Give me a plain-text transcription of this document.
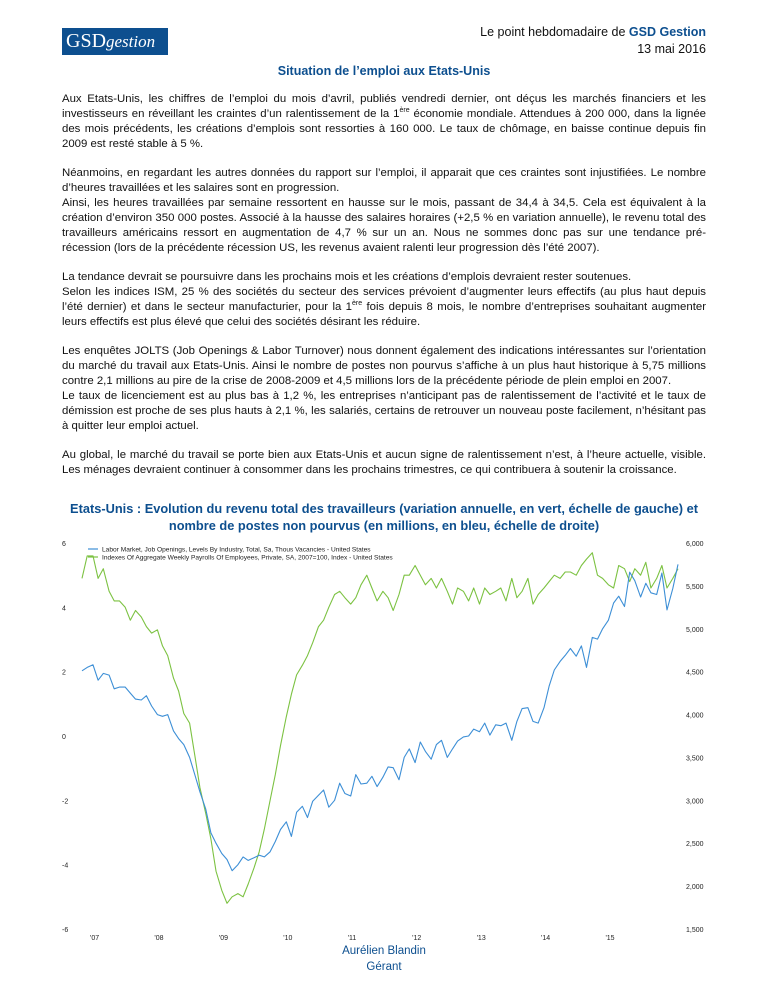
GSDgestion	Le point hebdomadaire de GSD Gestion
13 mai 2016
Situation de l’emploi aux Etats-Unis

Aux Etats-Unis, les chiffres de l’emploi du mois d’avril, publiés vendredi dernier, ont déçus les marchés financiers et les investisseurs en réveillant les craintes d’un ralentissement de la 1ère économie mondiale. Attendues à 200 000, dans la lignée des mois précédents, les créations d’emplois sont ressorties à 160 000. Le taux de chômage, en baisse continue depuis fin 2009 est resté stable à 5 %.

Néanmoins, en regardant les autres données du rapport sur l’emploi, il apparait que ces craintes sont injustifiées. Le nombre d’heures travaillées et les salaires sont en progression.
Ainsi, les heures travaillées par semaine ressortent en hausse sur le mois, passant de 34,4 à 34,5. Cela est équivalent à la création d’environ 350 000 postes. Associé à la hausse des salaires horaires (+2,5 % en variation annuelle), le revenu total des travailleurs américains ressort en augmentation de 4,7 % sur un an. Nous ne sommes donc pas sur une tendance pré-récession (lors de la précédente récession US, les revenus avaient ralenti leur progression dès l’été 2007).

La tendance devrait se poursuivre dans les prochains mois et les créations d’emplois devraient rester soutenues.
Selon les indices ISM, 25 % des sociétés du secteur des services prévoient d’augmenter leurs effectifs (au plus haut depuis l’été dernier) et dans le secteur manufacturier, pour la 1ère fois depuis 8 mois, le nombre d’entreprises souhaitant augmenter leurs effectifs est plus élevé que celui des sociétés désirant les réduire.

Les enquêtes JOLTS (Job Openings & Labor Turnover) nous donnent également des indications intéressantes sur l’orientation du marché du travail aux Etats-Unis. Ainsi le nombre de postes non pourvus s’affiche à un plus haut historique à 5,75 millions contre 2,1 millions au pire de la crise de 2008-2009 et 4,5 millions lors de la précédente période de plein emploi en 2007.
Le taux de licenciement est au plus bas à 1,2 %, les entreprises n’anticipant pas de ralentissement de l’activité et le taux de démission est proche de ses plus hauts à 2,1 %, les salariés, certains de retrouver un nouveau poste facilement, n’hésitant pas à quitter leur emploi actuel.

Au global, le marché du travail se porte bien aux Etats-Unis et aucun signe de ralentissement n’est, à l’heure actuelle, visible. Les ménages devraient continuer à consommer dans les prochains trimestres, ce qui contribuera à soutenir la croissance.

Etats-Unis : Evolution du revenu total des travailleurs (variation annuelle, en vert, échelle de gauche) et nombre de postes non pourvus (en millions, en bleu, échelle de droite)
6
4
2
0
-2
-4
-6
6,000
5,500
5,000
4,500
4,000
3,500
3,000
2,500
2,000
1,500
'07	'08	'09	'10	'11	'12	'13	'14	'15
Labor Market, Job Openings, Levels By Industry, Total, Sa, Thous Vacancies - United States
Indexes Of Aggregate Weekly Payrolls Of Employees, Private, SA, 2007=100, Index - United States
Aurélien Blandin
Gérant
